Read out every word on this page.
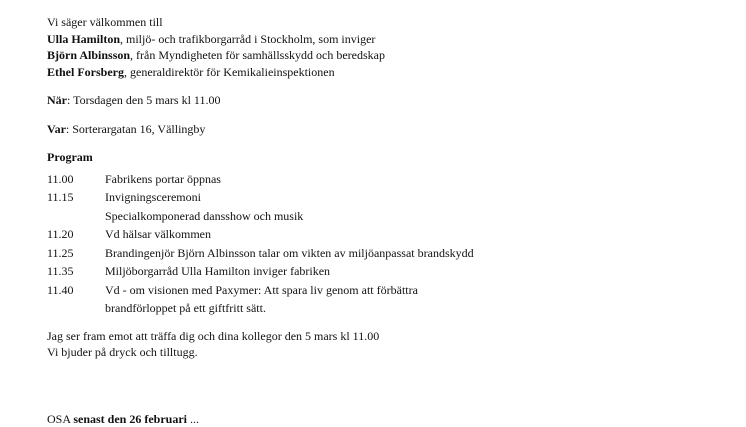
Vi säger välkommen till
Ulla Hamilton, miljö- och trafikborgarråd i Stockholm, som inviger
Björn Albinsson, från Myndigheten för samhällsskydd och beredskap
Ethel Forsberg, generaldirektör för Kemikalieinspektionen
När: Torsdagen den 5 mars kl 11.00
Var: Sorterargatan 16, Vällingby
Program
11.00	Fabrikens portar öppnas
11.15	Invigningsceremoni
Specialkomponerad dansshow och musik
11.20	Vd hälsar välkommen
11.25	Brandingenjör Björn Albinsson talar om vikten av miljöanpassat brandskydd
11.35	Miljöborgarråd Ulla Hamilton inviger fabriken
11.40	Vd - om visionen med Paxymer: Att spara liv genom att förbättra
brandförloppet på ett giftfritt sätt.
Jag ser fram emot att träffa dig och dina kollegor den 5 mars kl 11.00
Vi bjuder på dryck och tilltugg.
OSA senast den 26 februari ...
